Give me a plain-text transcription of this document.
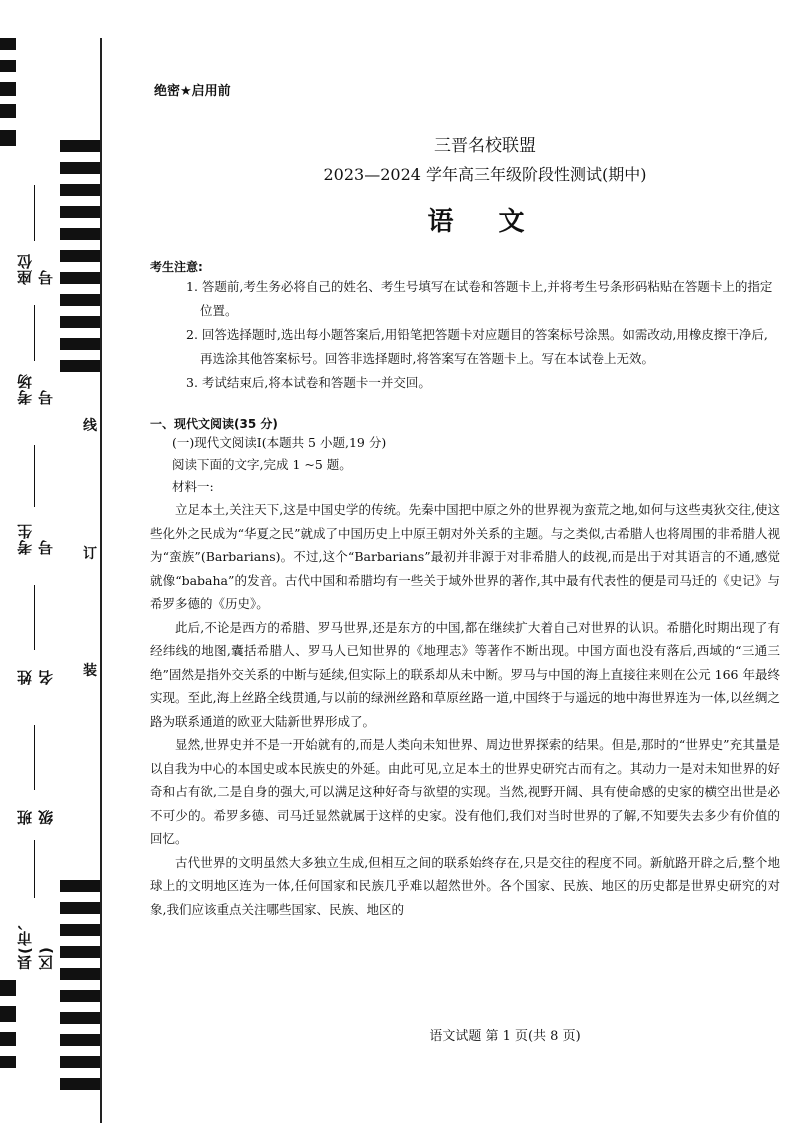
座位号
考场号
考生号
姓名
班级
县(市、区)
线
订
装
绝密★启用前
三晋名校联盟
2023—2024 学年高三年级阶段性测试(期中)
语 文
考生注意:
1. 答题前,考生务必将自己的姓名、考生号填写在试卷和答题卡上,并将考生号条形码粘贴在答题卡上的指定位置。
2. 回答选择题时,选出每小题答案后,用铅笔把答题卡对应题目的答案标号涂黑。如需改动,用橡皮擦干净后,再选涂其他答案标号。回答非选择题时,将答案写在答题卡上。写在本试卷上无效。
3. 考试结束后,将本试卷和答题卡一并交回。
一、现代文阅读(35 分)
(一)现代文阅读Ⅰ(本题共 5 小题,19 分)
阅读下面的文字,完成 1 ~5 题。
材料一:

立足本土,关注天下,这是中国史学的传统。先秦中国把中原之外的世界视为蛮荒之地,如何与这些夷狄交往,使这些化外之民成为“华夏之民”就成了中国历史上中原王朝对外关系的主题。与之类似,古希腊人也将周围的非希腊人视为“蛮族”(Barbarians)。不过,这个“Barbarians”最初并非源于对非希腊人的歧视,而是出于对其语言的不通,感觉就像“babaha”的发音。古代中国和希腊均有一些关于域外世界的著作,其中最有代表性的便是司马迁的《史记》与希罗多德的《历史》。

此后,不论是西方的希腊、罗马世界,还是东方的中国,都在继续扩大着自己对世界的认识。希腊化时期出现了有经纬线的地图,囊括希腊人、罗马人已知世界的《地理志》等著作不断出现。中国方面也没有落后,西域的“三通三绝”固然是指外交关系的中断与延续,但实际上的联系却从未中断。罗马与中国的海上直接往来则在公元 166 年最终实现。至此,海上丝路全线贯通,与以前的绿洲丝路和草原丝路一道,中国终于与遥远的地中海世界连为一体,以丝绸之路为联系通道的欧亚大陆新世界形成了。

显然,世界史并不是一开始就有的,而是人类向未知世界、周边世界探索的结果。但是,那时的“世界史”充其量是以自我为中心的本国史或本民族史的外延。由此可见,立足本土的世界史研究古而有之。其动力一是对未知世界的好奇和占有欲,二是自身的强大,可以满足这种好奇与欲望的实现。当然,视野开阔、具有使命感的史家的横空出世是必不可少的。希罗多德、司马迁显然就属于这样的史家。没有他们,我们对当时世界的了解,不知要失去多少有价值的回忆。

古代世界的文明虽然大多独立生成,但相互之间的联系始终存在,只是交往的程度不同。新航路开辟之后,整个地球上的文明地区连为一体,任何国家和民族几乎难以超然世外。各个国家、民族、地区的历史都是世界史研究的对象,我们应该重点关注哪些国家、民族、地区的

语文试题 第 1 页(共 8 页)
